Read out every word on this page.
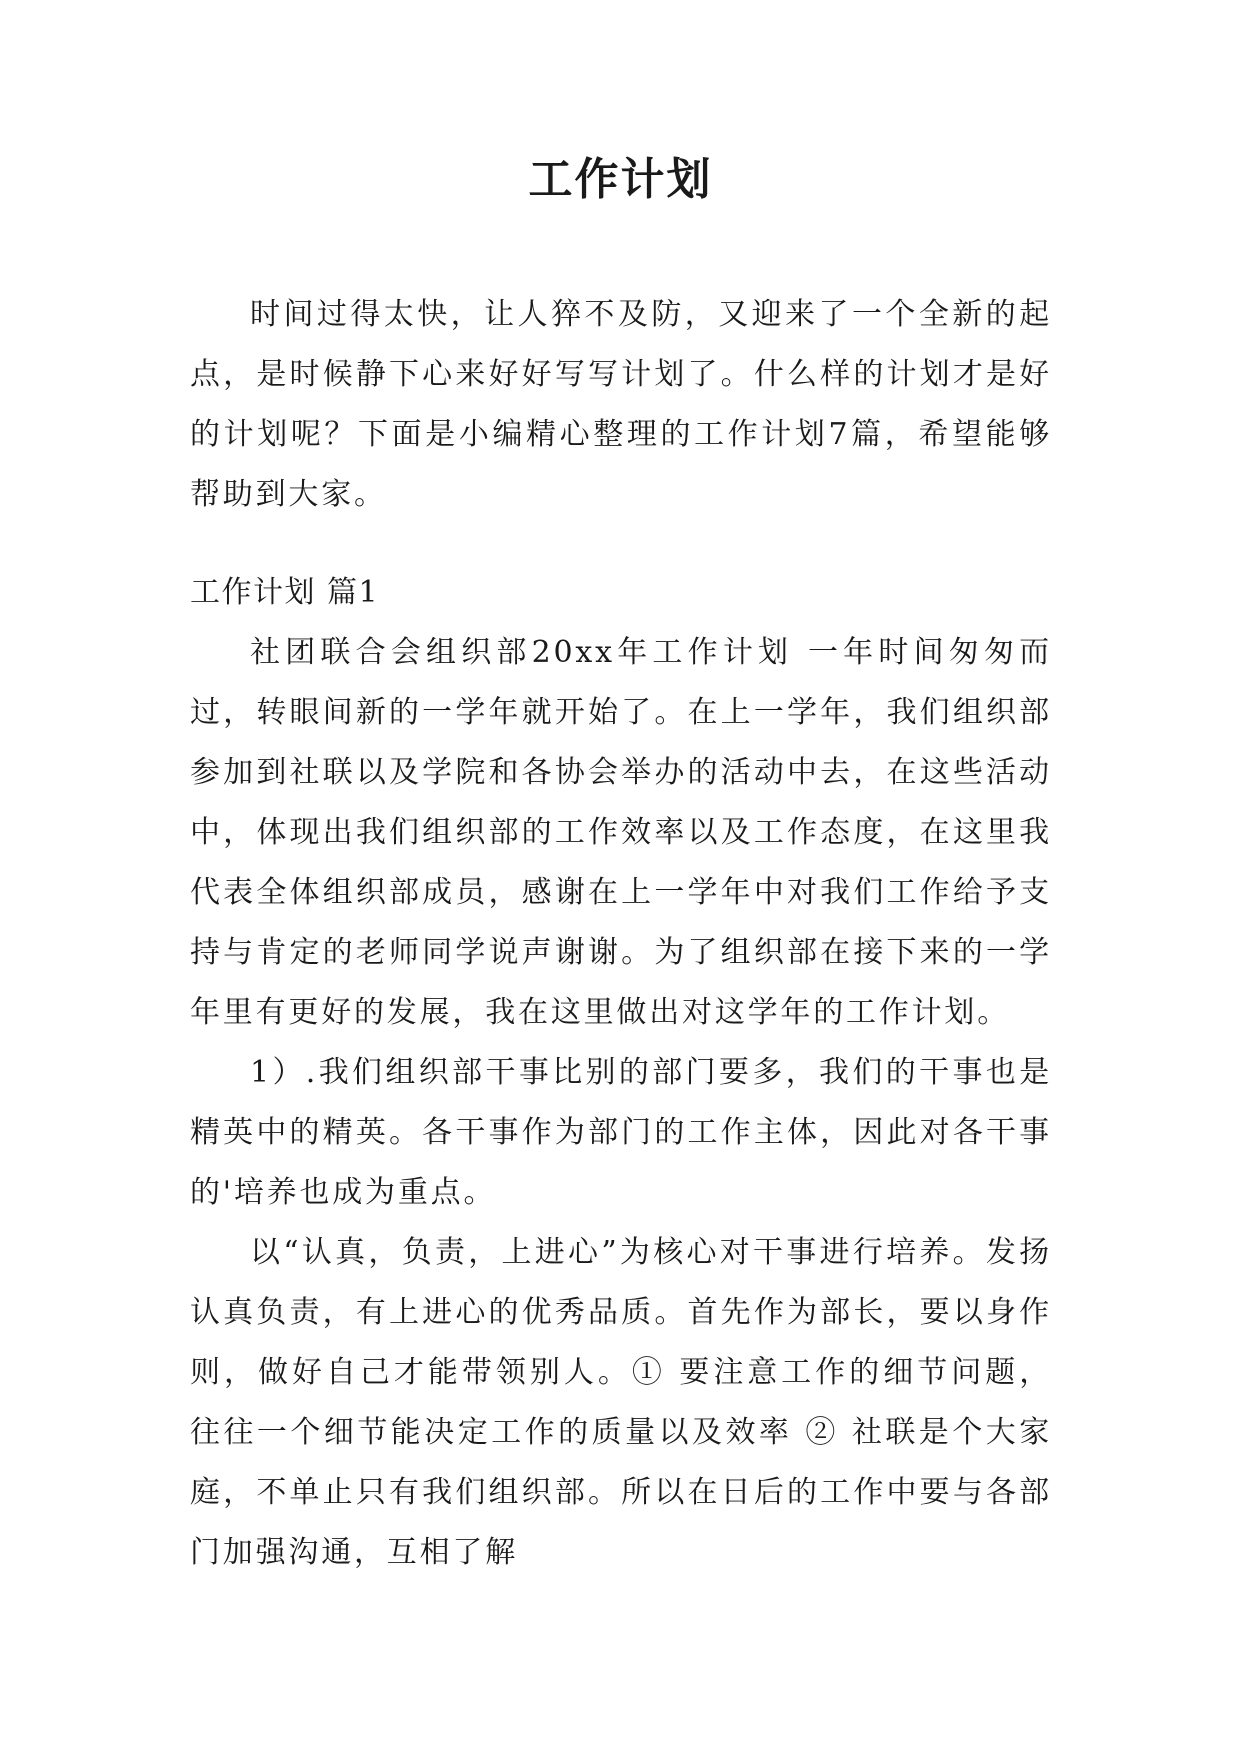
工作计划

时间过得太快，让人猝不及防，又迎来了一个全新的起点，是时候静下心来好好写写计划了。什么样的计划才是好的计划呢？下面是小编精心整理的工作计划7篇，希望能够帮助到大家。

工作计划 篇1

社团联合会组织部20xx年工作计划 一年时间匆匆而过，转眼间新的一学年就开始了。在上一学年，我们组织部参加到社联以及学院和各协会举办的活动中去，在这些活动中，体现出我们组织部的工作效率以及工作态度，在这里我代表全体组织部成员，感谢在上一学年中对我们工作给予支持与肯定的老师同学说声谢谢。为了组织部在接下来的一学年里有更好的发展，我在这里做出对这学年的工作计划。

1）.我们组织部干事比别的部门要多，我们的干事也是精英中的精英。各干事作为部门的工作主体，因此对各干事的'培养也成为重点。

以“认真，负责，上进心”为核心对干事进行培养。发扬认真负责，有上进心的优秀品质。首先作为部长，要以身作则，做好自己才能带领别人。① 要注意工作的细节问题，往往一个细节能决定工作的质量以及效率 ② 社联是个大家庭，不单止只有我们组织部。所以在日后的工作中要与各部门加强沟通，互相了解
